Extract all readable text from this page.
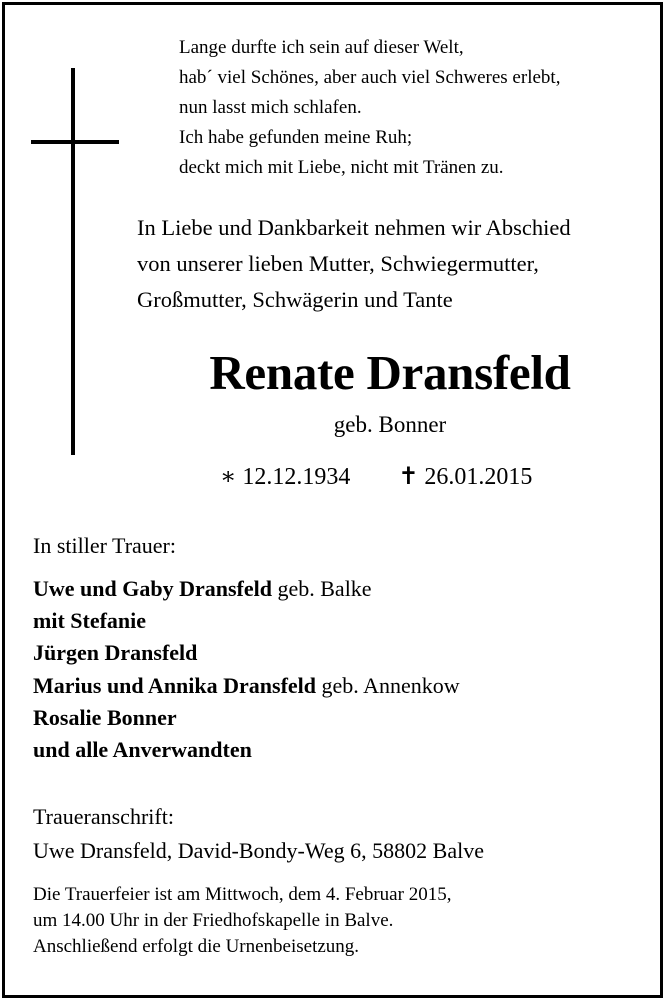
Lange durfte ich sein auf dieser Welt,
hab´ viel Schönes, aber auch viel Schweres erlebt,
nun lasst mich schlafen.
Ich habe gefunden meine Ruh;
deckt mich mit Liebe, nicht mit Tränen zu.
In Liebe und Dankbarkeit nehmen wir Abschied
von unserer lieben Mutter, Schwiegermutter,
Großmutter, Schwägerin und Tante
Renate Dransfeld
geb. Bonner
∗ 12.12.1934 ✝ 26.01.2015
In stiller Trauer:
Uwe und Gaby Dransfeld geb. Balke
mit Stefanie
Jürgen Dransfeld
Marius und Annika Dransfeld geb. Annenkow
Rosalie Bonner
und alle Anverwandten
Traueranschrift:
Uwe Dransfeld, David-Bondy-Weg 6, 58802 Balve
Die Trauerfeier ist am Mittwoch, dem 4. Februar 2015,
um 14.00 Uhr in der Friedhofskapelle in Balve.
Anschließend erfolgt die Urnenbeisetzung.
